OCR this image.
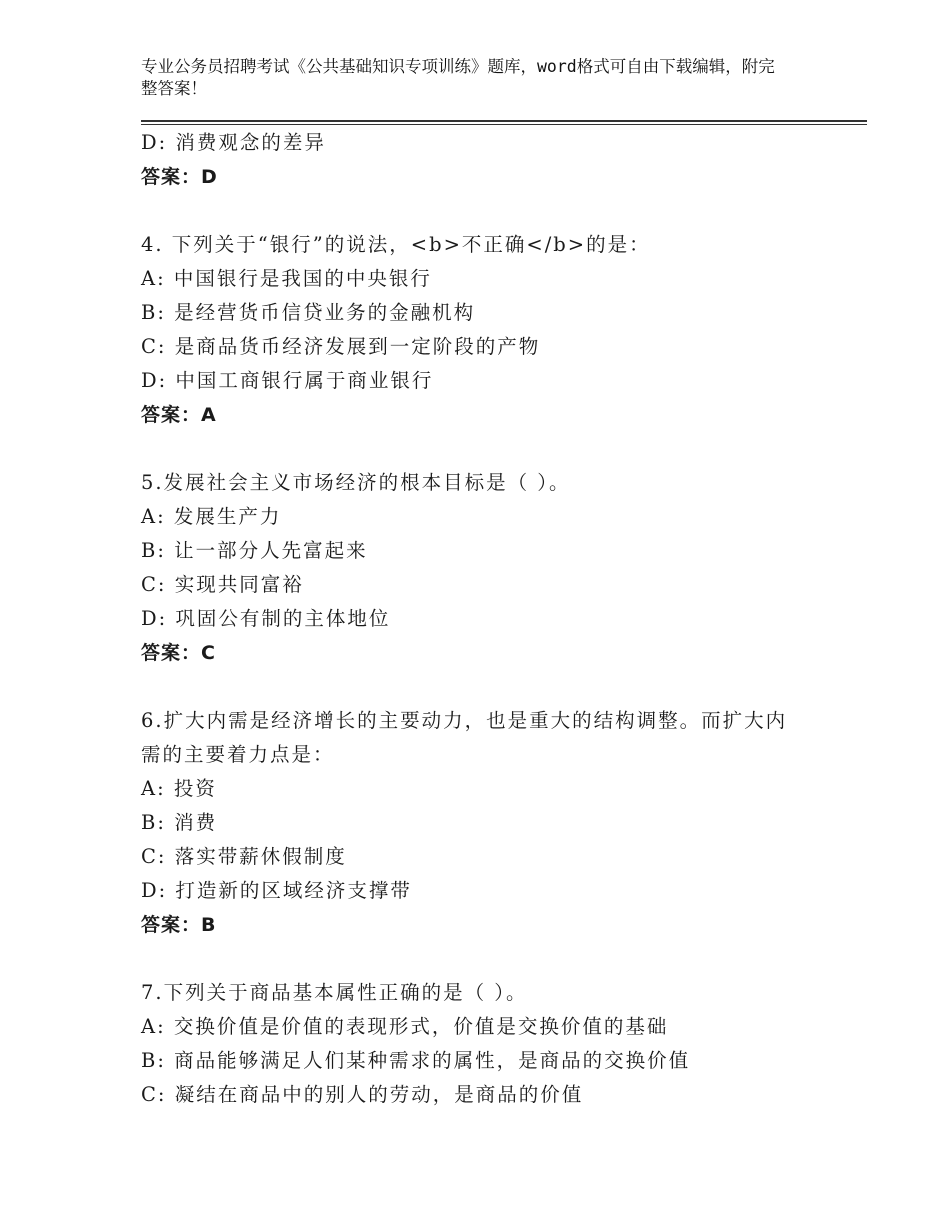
专业公务员招聘考试《公共基础知识专项训练》题库，word格式可自由下载编辑，附完整答案！
D: 消费观念的差异
答案：D
4. 下列关于“银行”的说法，<b>不正确</b>的是：
A: 中国银行是我国的中央银行
B: 是经营货币信贷业务的金融机构
C: 是商品货币经济发展到一定阶段的产物
D: 中国工商银行属于商业银行
答案：A
5.发展社会主义市场经济的根本目标是（ ）。
A: 发展生产力
B: 让一部分人先富起来
C: 实现共同富裕
D: 巩固公有制的主体地位
答案：C
6.扩大内需是经济增长的主要动力，也是重大的结构调整。而扩大内需的主要着力点是：
A: 投资
B: 消费
C: 落实带薪休假制度
D: 打造新的区域经济支撑带
答案：B
7.下列关于商品基本属性正确的是（ ）。
A: 交换价值是价值的表现形式，价值是交换价值的基础
B: 商品能够满足人们某种需求的属性，是商品的交换价值
C: 凝结在商品中的别人的劳动，是商品的价值
